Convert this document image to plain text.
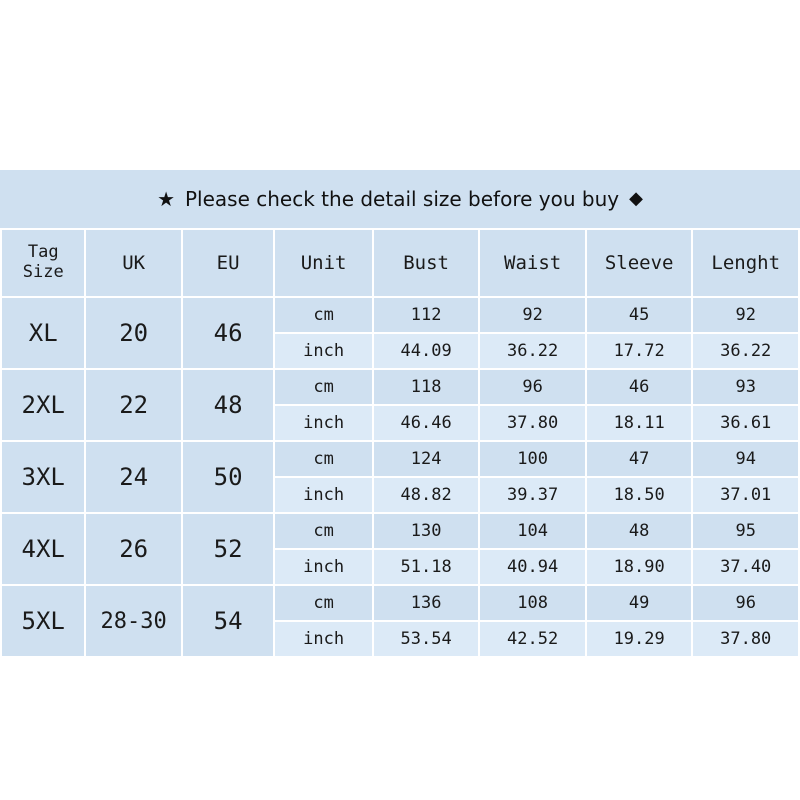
★ Please check the detail size before you buy ◆
Tag
Size	UK	EU	Unit	Bust	Waist	Sleeve	Lenght
XL	20	46	cm	112	92	45	92
			inch	44.09	36.22	17.72	36.22
2XL	22	48	cm	118	96	46	93
			inch	46.46	37.80	18.11	36.61
3XL	24	50	cm	124	100	47	94
			inch	48.82	39.37	18.50	37.01
4XL	26	52	cm	130	104	48	95
			inch	51.18	40.94	18.90	37.40
5XL	28-30	54	cm	136	108	49	96
			inch	53.54	42.52	19.29	37.80
